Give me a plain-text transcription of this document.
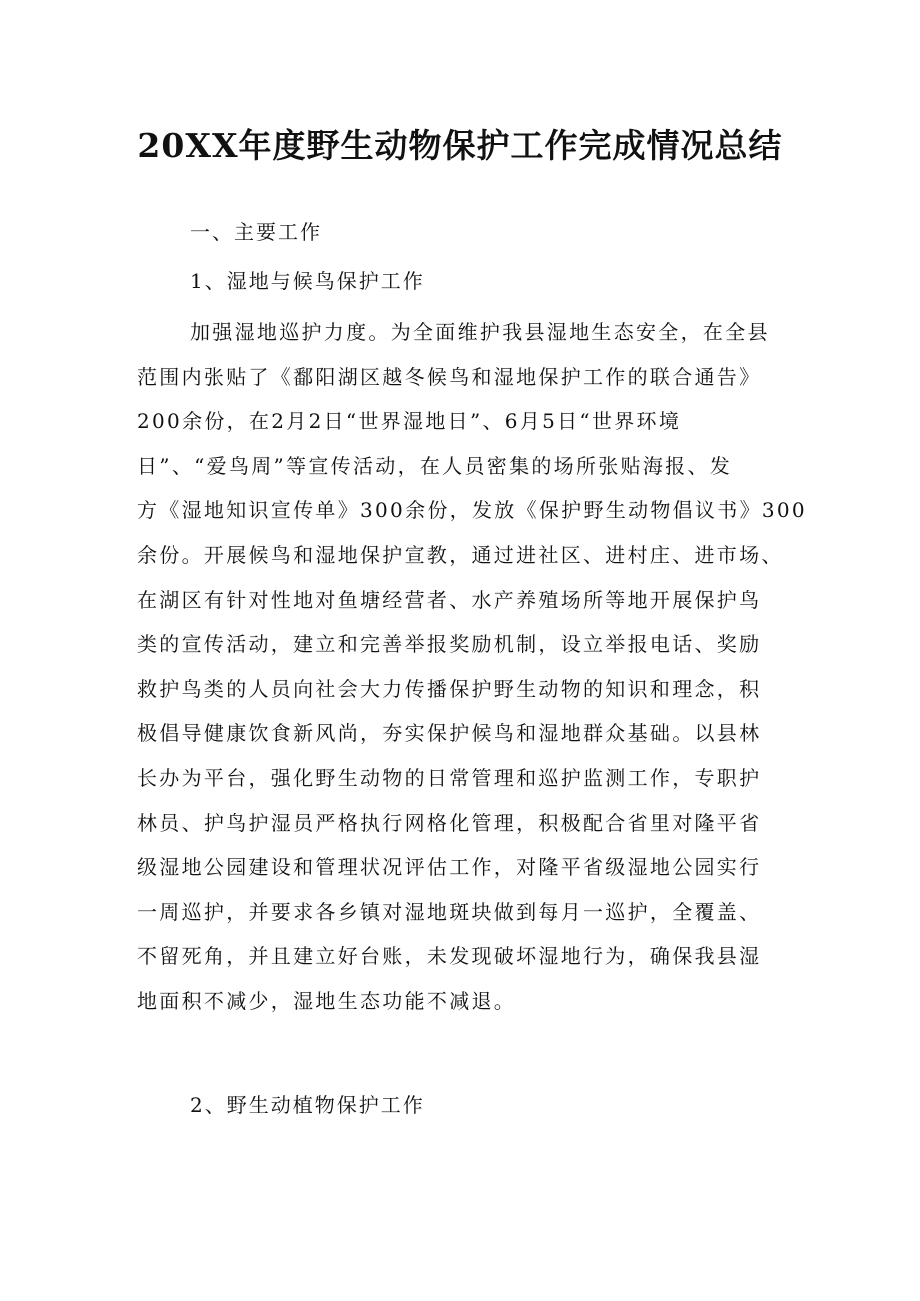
20XX年度野生动物保护工作完成情况总结

一、主要工作

1、湿地与候鸟保护工作

加强湿地巡护力度。为全面维护我县湿地生态安全，在全县
范围内张贴了《鄱阳湖区越冬候鸟和湿地保护工作的联合通告》
200余份，在2月2日“世界湿地日”、6月5日“世界环境
日”、“爱鸟周”等宣传活动，在人员密集的场所张贴海报、发
方《湿地知识宣传单》300余份，发放《保护野生动物倡议书》300
余份。开展候鸟和湿地保护宣教，通过进社区、进村庄、进市场、
在湖区有针对性地对鱼塘经营者、水产养殖场所等地开展保护鸟
类的宣传活动，建立和完善举报奖励机制，设立举报电话、奖励
救护鸟类的人员向社会大力传播保护野生动物的知识和理念，积
极倡导健康饮食新风尚，夯实保护候鸟和湿地群众基础。以县林
长办为平台，强化野生动物的日常管理和巡护监测工作，专职护
林员、护鸟护湿员严格执行网格化管理，积极配合省里对隆平省
级湿地公园建设和管理状况评估工作，对隆平省级湿地公园实行
一周巡护，并要求各乡镇对湿地斑块做到每月一巡护，全覆盖、
不留死角，并且建立好台账，未发现破坏湿地行为，确保我县湿
地面积不减少，湿地生态功能不减退。

2、野生动植物保护工作
